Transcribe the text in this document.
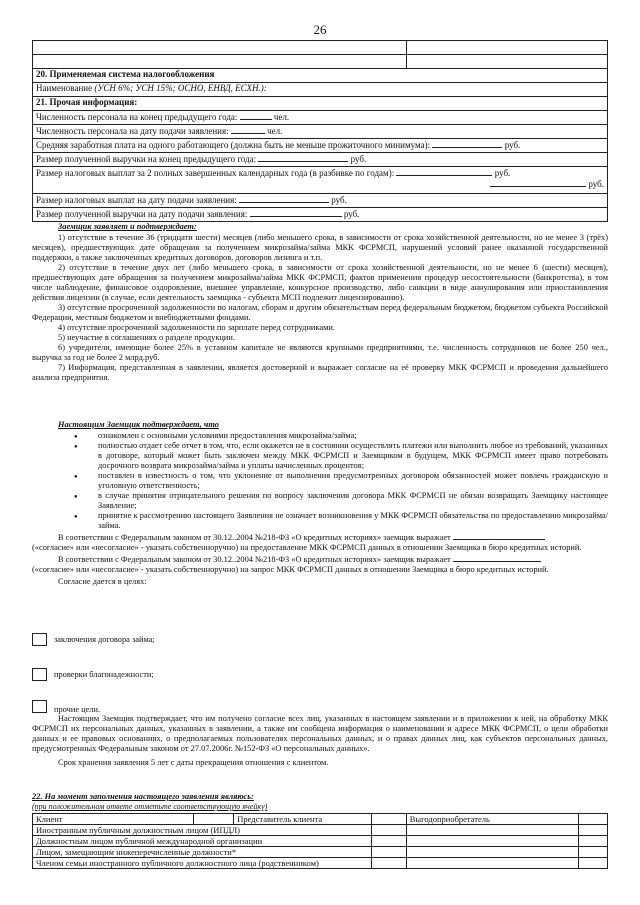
26

20. Применяемая система налогообложения	
Наименование (УСН 6%; УСН 15%; ОСНО, ЕНВД, ЕСХН.):	
21. Прочая информация:	
Численность персонала на конец предыдущего года: чел.	
Численность персонала на дату подачи заявления: чел.	
Средняя заработная плата на одного работающего (должна быть не меньше прожиточного минимума): руб.	
Размер полученной выручки на конец предыдущего года: руб.	

Размер налоговых выплат за 2 полных завершенных календарных года (в разбивке по годам): руб.
руб.	

Размер налоговых выплат на дату подачи заявления: руб.	
Размер полученной выручки на дату подачи заявления: руб.	

Заемщик заявляет и подтверждает:

1) отсутствие в течение 36 (тридцати шести) месяцев (либо меньшего срока, в зависимости от срока хозяйственной деятельности, но не менее 3 (трёх) месяцев), предшествующих дате обращения за получением микрозайма/займа МКК ФСРМСП, нарушений условий ранее оказанной государственной поддержки, а также заключенных кредитных договоров, договоров лизинга и т.п.

2) отсутствие в течение двух лет (либо меньшего срока, в зависимости от срока хозяйственной деятельности, но не менее 6 (шести) месяцев), предшествующих дате обращения за получением микрозайма/займа МКК ФСРМСП, фактов применения процедур несостоятельности (банкротства), в том числе наблюдение, финансовое оздоровление, внешнее управление, конкурсное производство, либо санкции в виде аннулирования или приостановления действия лицензии (в случае, если деятельность заемщика - субъекта МСП подлежит лицензированию).

3) отсутствие просроченной задолженности по налогам, сборам и другим обязательствам перед федеральным бюджетом, бюджетом субъекта Российской Федерации, местным бюджетом и внебюджетными фондами.

4) отсутствие просроченной задолженности по зарплате перед сотрудниками.

5) неучастие в соглашениях о разделе продукции.

6) учредители, имеющие более 25% в уставном капитале не являются крупными предприятиями, т.е. численность сотрудников не более 250 чел., выручка за год не более 2 млрд.руб.

7) Информация, представленная в заявлении, является достоверной и выражает согласие на её проверку МКК ФСРМСП и проведения дальнейшего анализа предприятия.

Настоящим Заемщик подтверждает, что

● ознакомлен с основными условиями предоставления микрозайма/займа;
● полностью отдает себе отчет в том, что, если окажется не в состоянии осуществлять платежи или выполнить любое из требований, указанных в договоре, который может быть заключен между МКК ФСРМСП и Заемщиком в будущем, МКК ФСРМСП имеет право потребовать досрочного возврата микрозайма/займа и уплаты начисленных процентов;
● поставлен в известность о том, что уклонение от выполнения предусмотренных договором обязанностей может повлечь гражданскую и уголовную ответственность;
● в случае принятия отрицательного решения по вопросу заключения договора МКК ФСРМСП не обязан возвращать Заемщику настоящее Заявление;
● принятие к рассмотрению настоящего Заявления не означает возникновения у МКК ФСРМСП обязательства по предоставлению микрозайма/займа.

В соответствии с Федеральным законом от 30.12..2004 №218-ФЗ «О кредитных историях» заемщик выражает

(«согласие» или «несогласие» - указать собственноручно) на предоставление МКК ФСРМСП данных в отношении Заемщика в бюро кредитных историй.

В соответствии с Федеральным законом от 30.12..2004 №218-ФЗ «О кредитных историях» заемщик выражает

(«согласие» или «несогласие» - указать собственноручно) на запрос МКК ФСРМСП данных в отношении Заемщика в бюро кредитных историй.

Согласие дается в целях:

заключения договора займа;
проверки благонадежности;
прочие цели.

Настоящим Заемщик подтверждает, что им получено согласие всех лиц, указанных в настоящем заявлении и в приложении к ней, на обработку МКК ФСРМСП их персональных данных, указанных в заявлении, а также им сообщена информация о наименовании и адресе МКК ФСРМСП, о цели обработки данных и ее правовых основаниях, о предполагаемых пользователях персональных данных, и о правах данных лиц, как субъектов персональных данных, предусмотренных Федеральным законом от 27.07.2006г. №152-ФЗ «О персональных данных».

Срок хранения заявления 5 лет с даты прекращения отношения с клиентом.

22. На момент заполнения настоящего заявления являюсь:
(при положительном ответе отметьте соответствующую ячейку)
Клиент		Представитель клиента		Выгодоприобретатель	
Иностранным публичным должностным лицом (ИПДЛ)					
Должностным лицом публичной международной организации					
Лицом, замещающим нижеперечисленные должности*					
Членом семьи иностранного публичного должностного лица (родственником)					
